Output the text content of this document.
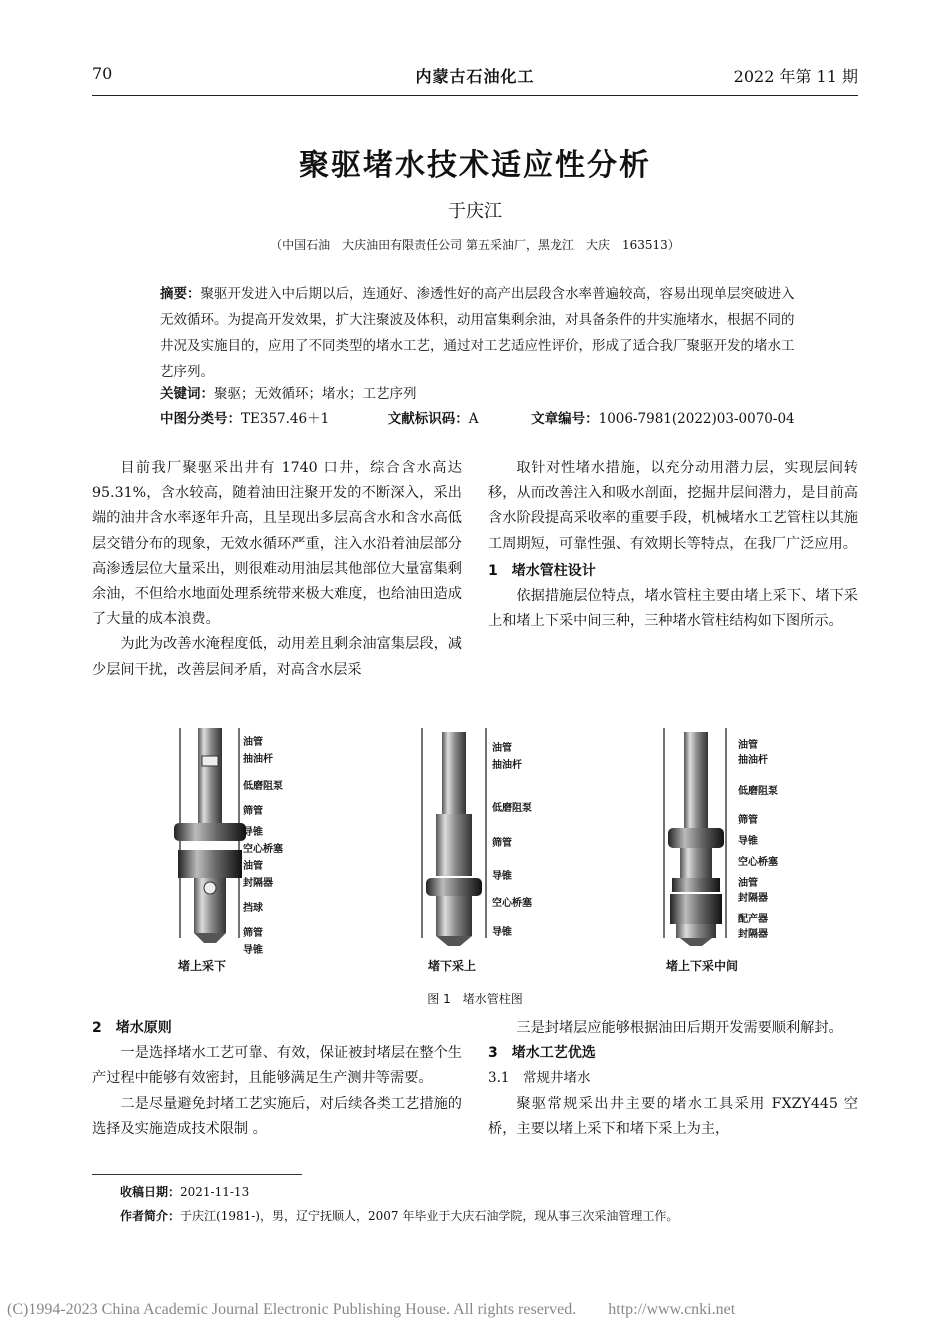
70	内蒙古石油化工	2022 年第 11 期
聚驱堵水技术适应性分析
于庆江
（中国石油　大庆油田有限责任公司 第五采油厂，黑龙江　大庆　163513）
摘要：聚驱开发进入中后期以后，连通好、渗透性好的高产出层段含水率普遍较高，容易出现单层突破进入无效循环。为提高开发效果，扩大注聚波及体积，动用富集剩余油，对具备条件的井实施堵水，根据不同的井况及实施目的，应用了不同类型的堵水工艺，通过对工艺适应性评价，形成了适合我厂聚驱开发的堵水工艺序列。
关键词：聚驱；无效循环；堵水；工艺序列
中图分类号：TE357.46＋1	文献标识码：A	文章编号：1006-7981(2022)03-0070-04

目前我厂聚驱采出井有 1740 口井，综合含水高达 95.31%，含水较高，随着油田注聚开发的不断深入，采出端的油井含水率逐年升高，且呈现出多层高含水和含水高低层交错分布的现象，无效水循环严重，注入水沿着油层部分高渗透层位大量采出，则很难动用油层其他部位大量富集剩余油，不但给水地面处理系统带来极大难度，也给油田造成了大量的成本浪费。

为此为改善水淹程度低，动用差且剩余油富集层段，减少层间干扰，改善层间矛盾，对高含水层采

取针对性堵水措施，以充分动用潜力层，实现层间转移，从而改善注入和吸水剖面，挖掘井层间潜力，是目前高含水阶段提高采收率的重要手段，机械堵水工艺管柱以其施工周期短，可靠性强、有效期长等特点，在我厂广泛应用。

1　堵水管柱设计

依据措施层位特点，堵水管柱主要由堵上采下、堵下采上和堵上下采中间三种，三种堵水管柱结构如下图所示。

油管
抽油杆
低磨阻泵
筛管
导锥
空心桥塞
油管
封隔器
挡球
筛管
导锥
油管
抽油杆
低磨阻泵
筛管
导锥
空心桥塞
导锥
油管
抽油杆
低磨阻泵
筛管
导锥
空心桥塞
油管
封隔器
配产器
封隔器
堵上采下	堵下采上	堵上下采中间
图 1　堵水管柱图
2　堵水原则

一是选择堵水工艺可靠、有效，保证被封堵层在整个生产过程中能够有效密封，且能够满足生产测井等需要。

二是尽量避免封堵工艺实施后，对后续各类工艺措施的选择及实施造成技术限制 。

三是封堵层应能够根据油田后期开发需要顺利解封。

3　堵水工艺优选
3.1　常规井堵水

聚驱常规采出井主要的堵水工具采用 FXZY445 空桥，主要以堵上采下和堵下采上为主，

收稿日期：2021-11-13
作者简介：于庆江(1981-)，男，辽宁抚顺人，2007 年毕业于大庆石油学院，现从事三次采油管理工作。
(C)1994-2023 China Academic Journal Electronic Publishing House. All rights reserved.　　http://www.cnki.net
